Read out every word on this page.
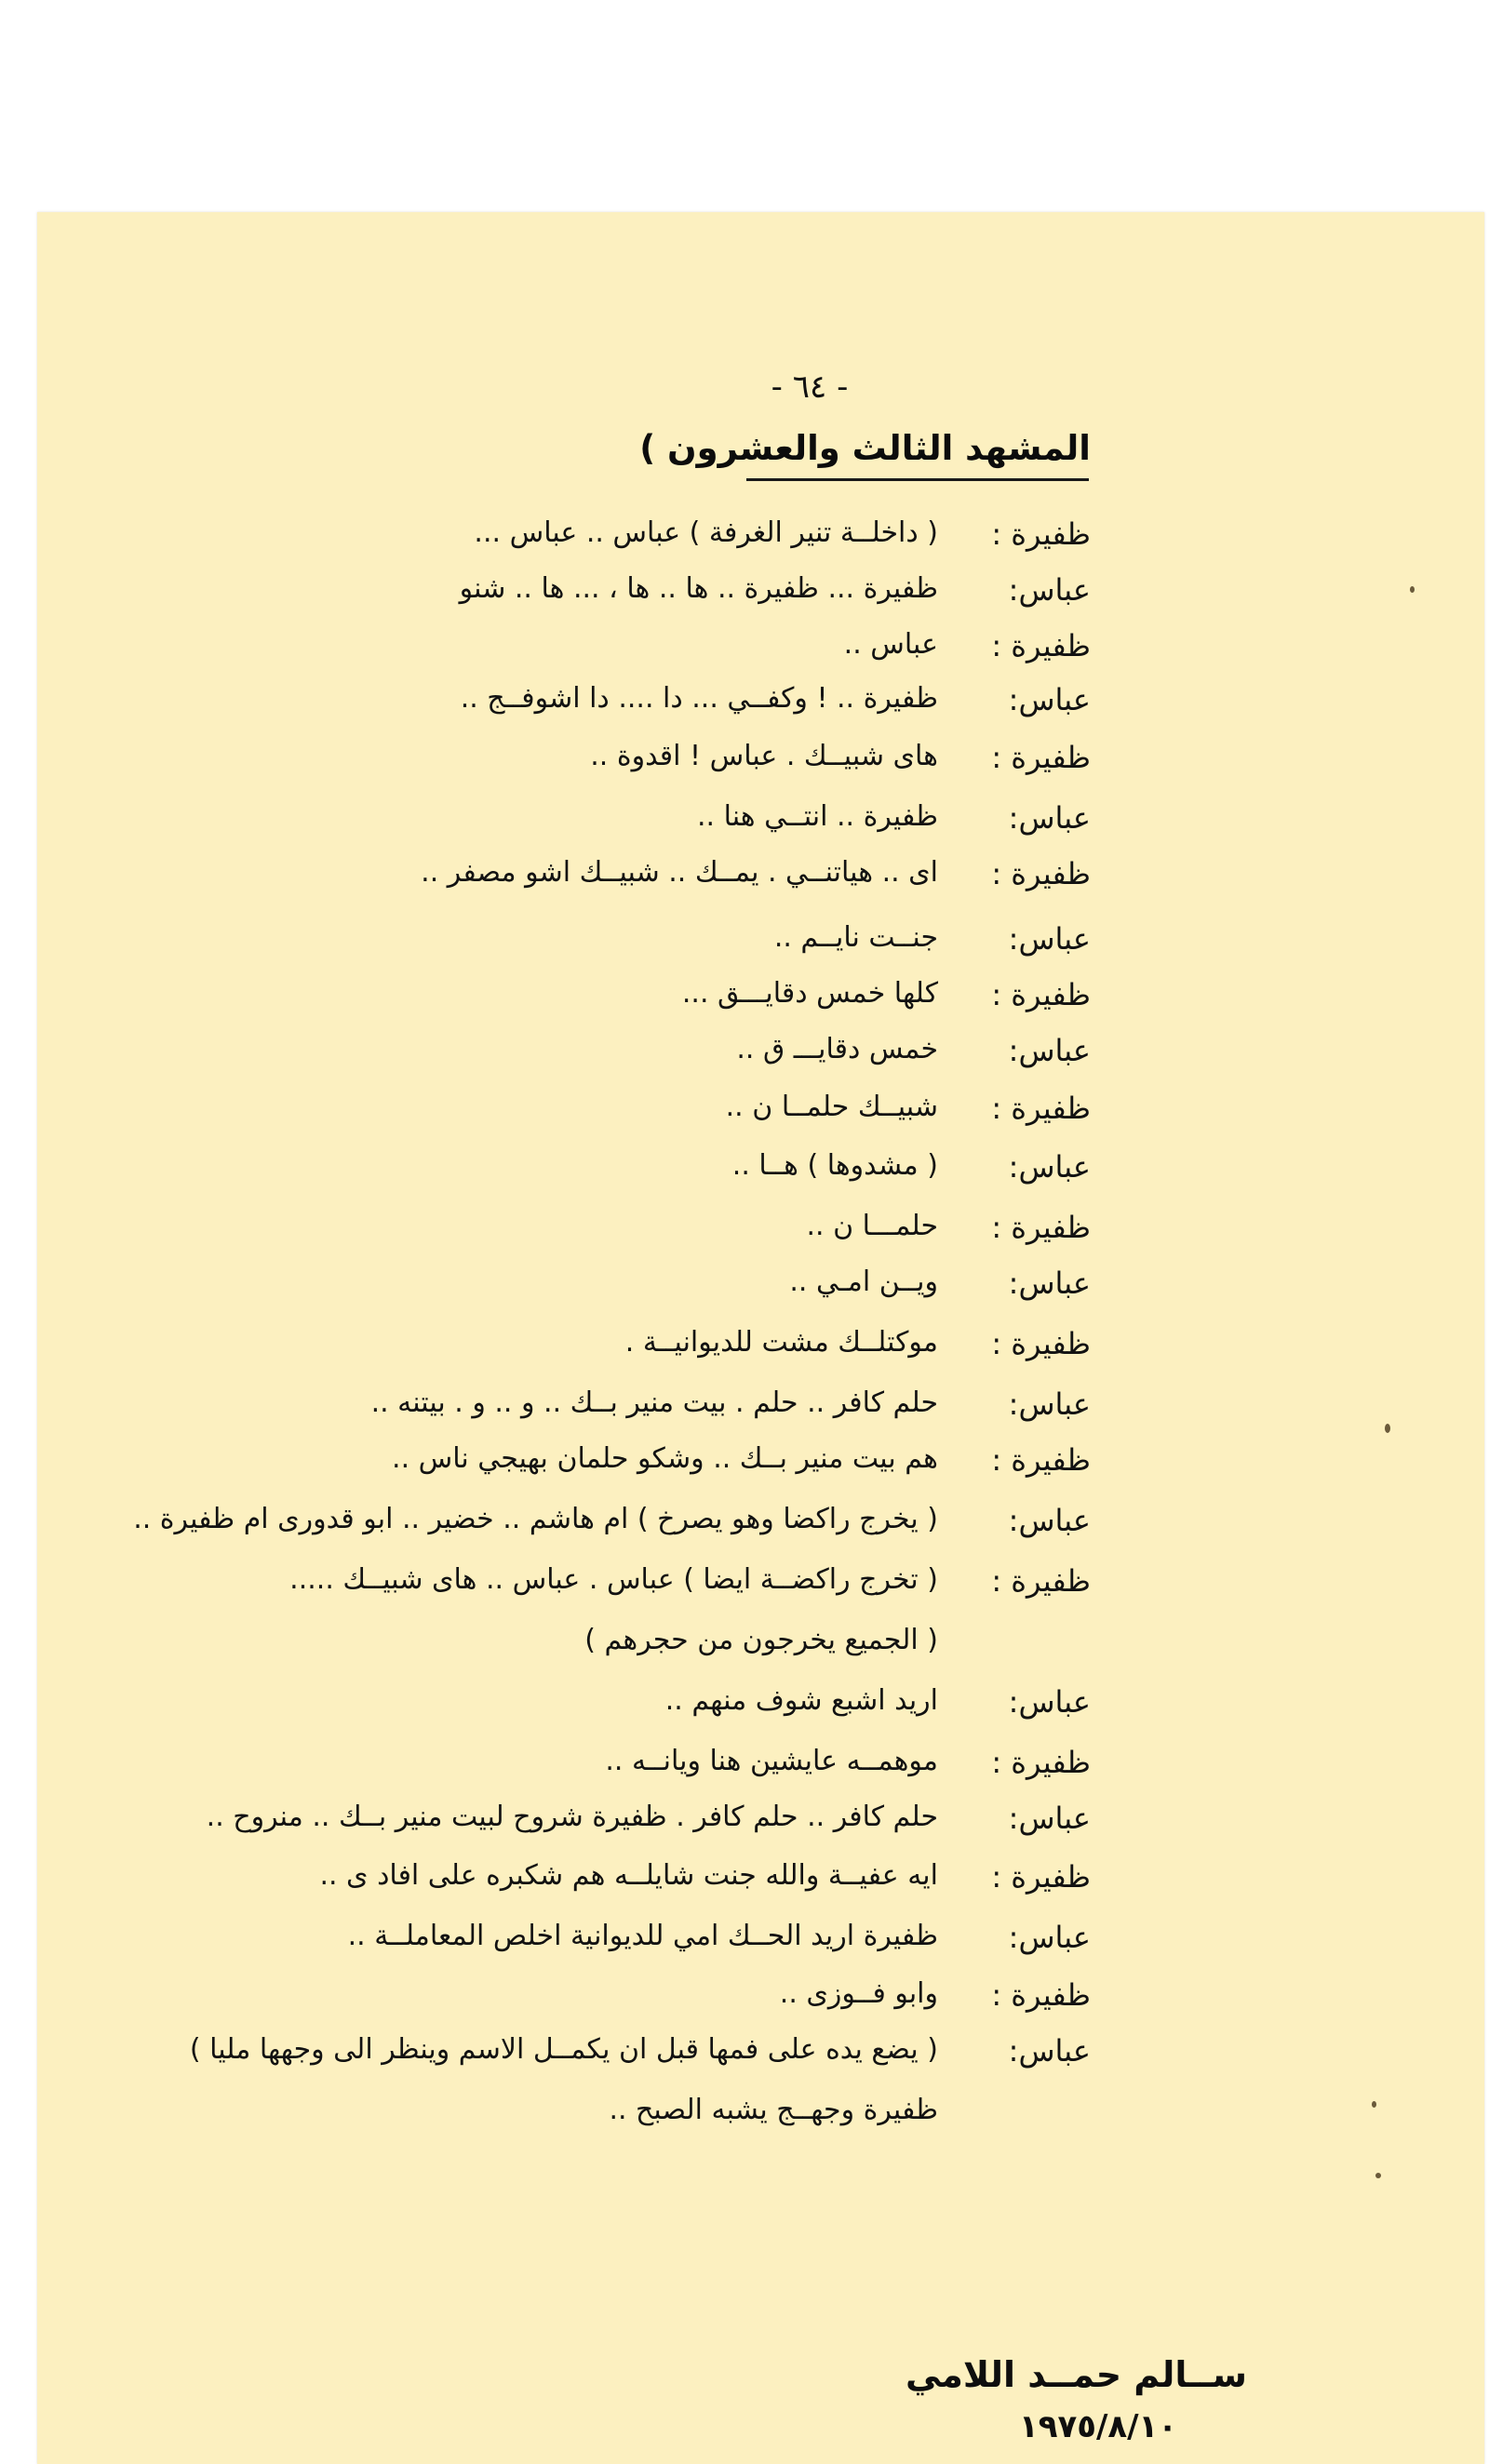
- ٦٤ -
المشهد الثالث والعشرون )
ظفيرة :
( داخلــة تنير الغرفة ) عباس .. عباس ...
عباس:
ظفيرة ... ظفيرة .. ها .. ها ، ... ها .. شنو
ظفيرة :
عباس ..
عباس:
ظفيرة .. ! وكفــي ... دا .... دا اشوفــج ..
ظفيرة :
هاى شبيــك . عباس ! اقدوة ..
عباس:
ظفيرة .. انتــي هنا ..
ظفيرة :
اى .. هياتنــي . يمــك .. شبيــك اشو مصفر ..
عباس:
جنــت نايــم ..
ظفيرة :
كلها خمس دقايـــق ...
عباس:
خمس دقايـــ ق ..
ظفيرة :
شبيــك حلمــا ن ..
عباس:
( مشدوها ) هــا ..
ظفيرة :
حلمـــا ن ..
عباس:
ويــن امـي ..
ظفيرة :
موكتلــك مشت للديوانيــة .
عباس:
حلم كافر .. حلم . بيت منير بــك .. و .. و . بيتنه ..
ظفيرة :
هم بيت منير بــك .. وشكو حلمان بهيجي ناس ..
عباس:
( يخرج راكضا وهو يصرخ ) ام هاشم .. خضير .. ابو قدورى ام ظفيرة ..
ظفيرة :
( تخرج راكضــة ايضا ) عباس . عباس .. هاى شبيــك .....
( الجميع يخرجون من حجرهم )
عباس:
اريد اشبع شوف منهم ..
ظفيرة :
موهمــه عايشين هنا ويانــه ..
عباس:
حلم كافر .. حلم كافر . ظفيرة شروح لبيت منير بــك .. منروح ..
ظفيرة :
ايه عفيــة والله جنت شايلــه هم شكبره على افاد ى ..
عباس:
ظفيرة اريد الحــك امي للديوانية اخلص المعاملــة ..
ظفيرة :
وابو فــوزى ..
عباس:
( يضع يده على فمها قبل ان يكمــل الاسم وينظر الى وجهها مليا )
ظفيرة وجهــج يشبه الصبح ..
ســالم حمــد اللامي
١٩٧٥/٨/١٠
